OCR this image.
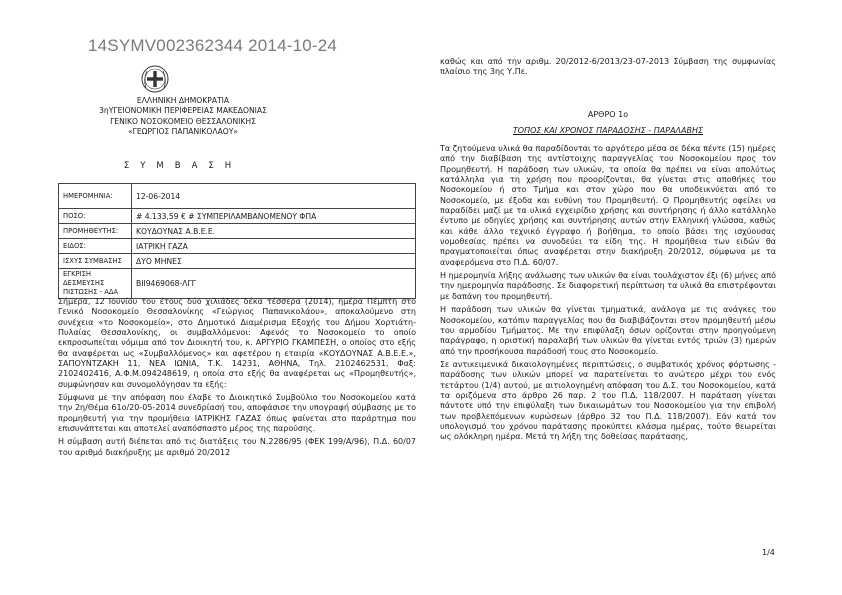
14SYMV002362344 2014-10-24
ΕΛΛΗΝΙΚΗ ΔΗΜΟΚΡΑΤΙΑ
3ηΥΓΕΙΟΝΟΜΙΚΗ ΠΕΡΙΦΕΡΕΙΑΣ ΜΑΚΕΔΟΝΙΑΣ
ΓΕΝΙΚΟ ΝΟΣΟΚΟΜΕΙΟ ΘΕΣΣΑΛΟΝΙΚΗΣ
«ΓΕΩΡΓΙΟΣ ΠΑΠΑΝΙΚΟΛΑΟΥ»
ΣΥΜΒΑΣΗ
ΗΜΕΡΟΜΗΝΙΑ:	12-06-2014
ΠΟΣΟ:	# 4.133,59 € # ΣΥΜΠΕΡΙΛΑΜΒΑΝΟΜΕΝΟΥ ΦΠΑ
ΠΡΟΜΗΘΕΥΤΗΣ:	ΚΟΥΔΟΥΝΑΣ Α.Β.Ε.Ε.
ΕΙΔΟΣ:	ΙΑΤΡΙΚΗ ΓΑΖΑ
ΙΣΧΥΣ ΣΥΜΒΑΣΗΣ	ΔΥΟ ΜΗΝΕΣ
ΕΓΚΡΙΣΗ ΔΕΣΜΕΥΣΗΣ ΠΙΣΤΩΣΗΣ - ΑΔΑ	ΒΙΙ9469068-ΛΓΓ

Σήμερα, 12 Ιουνίου του έτους δύο χιλιάδες δέκα τέσσερα (2014), ημέρα Πέμπτη στο Γενικό Νοσοκομείο Θεσσαλονίκης «Γεώργιος Παπανικολάου», αποκαλούμενο στη συνέχεια «το Νοσοκομείο», στο Δημοτικό Διαμέρισμα Εξοχής του Δήμου Χορτιάτη-Πυλαίας Θεσσαλονίκης, οι συμβαλλόμενοι: Αφενός το Νοσοκομείο το οποίο εκπροσωπείται νόμιμα από τον Διοικητή του, κ. ΑΡΓΥΡΙΟ ΓΚΑΜΠΕΣΗ, ο οποίος στο εξής θα αναφέρεται ως «Συμβαλλόμενος» και αφετέρου η εταιρία «ΚΟΥΔΟΥΝΑΣ Α.Β.Ε.Ε.», ΣΑΠΟΥΝΤΖΑΚΗ 11, ΝΕΑ ΙΩΝΙΑ, Τ.Κ. 14231, ΑΘΗΝΑ, Τηλ. 2102462531, Φαξ: 2102402416, Α.Φ.Μ.094248619, η οποία στο εξής θα αναφέρεται ως «Προμηθευτής», συμφώνησαν και συνομολόγησαν τα εξής:

Σύμφωνα με την απόφαση που έλαβε το Διοικητικό Συμβούλιο του Νοσοκομείου κατά την 2η/Θέμα 61ο/20-05-2014 συνεδρίασή του, αποφάσισε την υπογραφή σύμβασης με το προμηθευτή για την προμήθεια ΙΑΤΡΙΚΗΣ ΓΑΖΑΣ όπως φαίνεται στο παράρτημα που επισυνάπτεται και αποτελεί αναπόσπαστο μέρος της παρούσης.

Η σύμβαση αυτή διέπεται από τις διατάξεις του Ν.2286/95 (ΦΕΚ 199/Α/96), Π.Δ. 60/07 του αριθμό διακήρυξης με αριθμό 20/2012

καθώς και από την αριθμ. 20/2012-6/2013/23-07-2013 Σύμβαση της συμφωνίας πλαίσιο της 3ης Υ.Πε.

ΑΡΘΡΟ 1ο
ΤΟΠΟΣ ΚΑΙ ΧΡΟΝΟΣ ΠΑΡΑΔΟΣΗΣ - ΠΑΡΑΛΑΒΗΣ

Τα ζητούμενα υλικά θα παραδίδονται το αργότερο μέσα σε δέκα πέντε (15) ημέρες από την διαβίβαση της αντίστοιχης παραγγελίας του Νοσοκομείου προς τον Προμηθευτή. Η παράδοση των υλικών, τα οποία θα πρέπει να είναι απολύτως κατάλληλα για τη χρήση που προορίζονται, θα γίνεται στις αποθήκες του Νοσοκομείου ή στο Τμήμα και στον χώρο που θα υποδεικνύεται από το Νοσοκομείο, με έξοδα και ευθύνη του Προμηθευτή. Ο Προμηθευτής οφείλει να παραδίδει μαζί με τα υλικά εγχειρίδιο χρήσης και συντήρησης ή άλλο κατάλληλο έντυπο με οδηγίες χρήσης και συντήρησης αυτών στην Ελληνική γλώσσα, καθώς και κάθε άλλο τεχνικό έγγραφο ή βοήθημα, το οποίο βάσει της ισχύουσας νομοθεσίας πρέπει να συνοδεύει τα είδη της. Η προμήθεια των ειδών θα πραγματοποιείται όπως αναφέρεται στην διακήρυξη 20/2012, σύμφωνα με τα αναφερόμενα στο Π.Δ. 60/07.

Η ημερομηνία λήξης ανάλωσης των υλικών θα είναι τουλάχιστον έξι (6) μήνες από την ημερομηνία παράδοσης. Σε διαφορετική περίπτωση τα υλικά θα επιστρέφονται με δαπάνη του προμηθευτή.

Η παράδοση των υλικών θα γίνεται τμηματικά, ανάλογα με τις ανάγκες του Νοσοκομείου, κατόπιν παραγγελίας που θα διαβιβάζονται στον προμηθευτή μέσω του αρμοδίου Τμήματος. Με την επιφύλαξη όσων ορίζονται στην προηγούμενη παράγραφο, η οριστική παραλαβή των υλικών θα γίνεται εντός τριών (3) ημερών από την προσήκουσα παράδοσή τους στο Νοσοκομείο.

Σε αντικειμενικά δικαιολογημένες περιπτώσεις, ο συμβατικός χρόνος φόρτωσης - παράδοσης των υλικών μπορεί να παρατείνεται το ανώτερο μέχρι του ενός τετάρτου (1/4) αυτού, με αιτιολογημένη απόφαση του Δ.Σ. του Νοσοκομείου, κατά τα οριζόμενα στο άρθρο 26 παρ. 2 του Π.Δ. 118/2007. Η παράταση γίνεται πάντοτε υπό την επιφύλαξη των δικαιωμάτων του Νοσοκομείου για την επιβολή των προβλεπόμενων κυρώσεων (άρθρο 32 του Π.Δ. 118/2007). Εάν κατά τον υπολογισμό του χρόνου παράτασης προκύπτει κλάσμα ημέρας, τούτο θεωρείται ως ολόκληρη ημέρα. Μετά τη λήξη της δοθείσας παράτασης,

1/4
